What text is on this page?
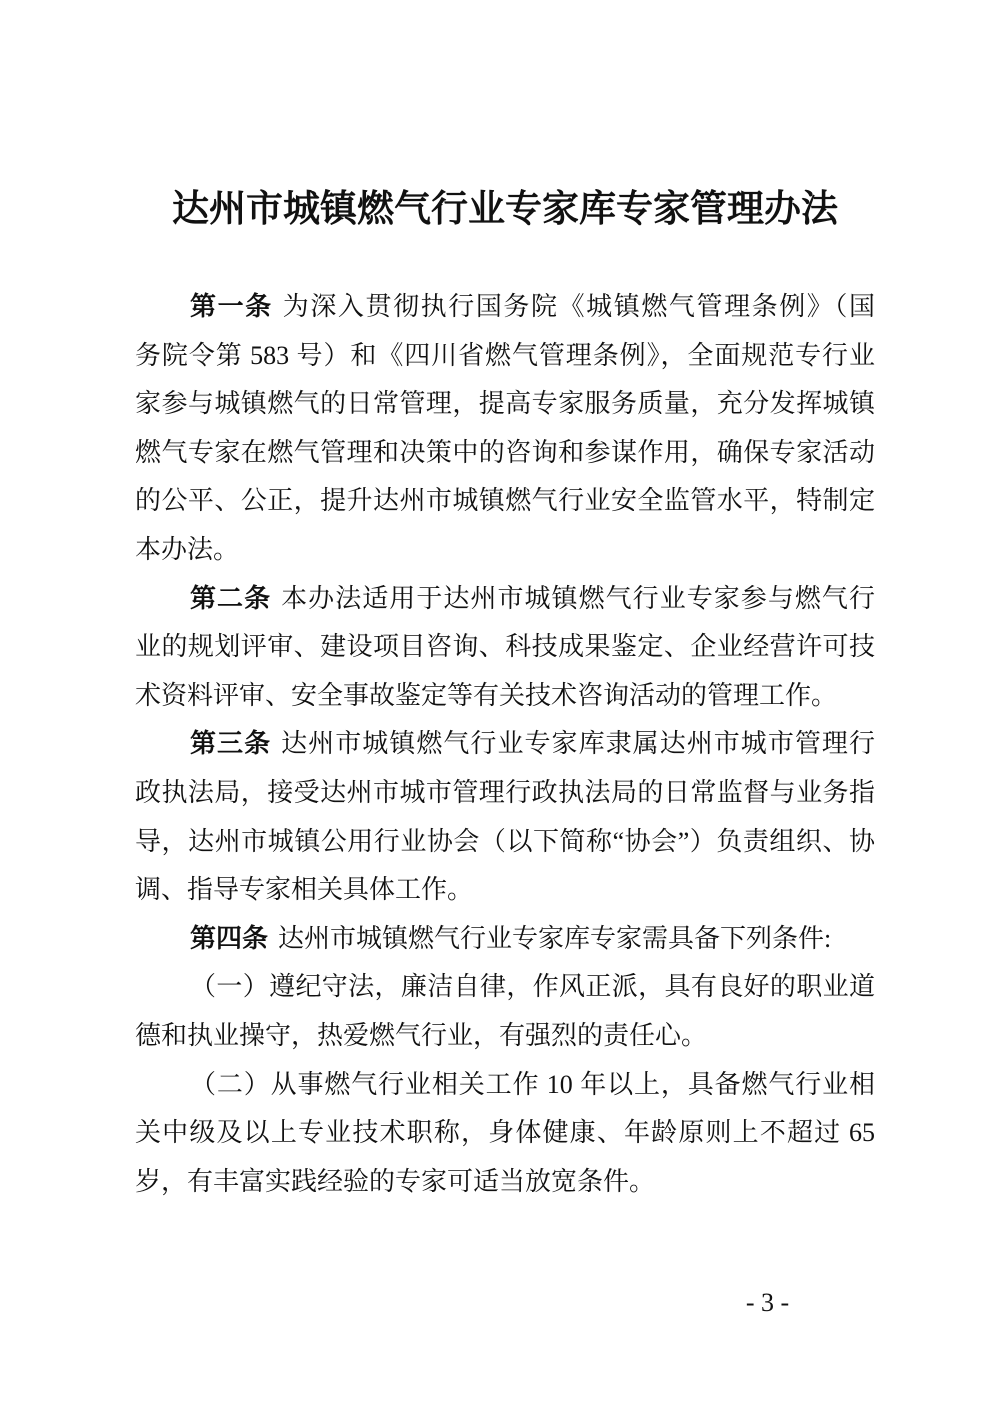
达州市城镇燃气行业专家库专家管理办法
第一条 为深入贯彻执行国务院《城镇燃气管理条例》（国
务院令第 583 号）和《四川省燃气管理条例》，全面规范专行业
家参与城镇燃气的日常管理，提高专家服务质量，充分发挥城镇
燃气专家在燃气管理和决策中的咨询和参谋作用，确保专家活动
的公平、公正，提升达州市城镇燃气行业安全监管水平，特制定
本办法。
第二条 本办法适用于达州市城镇燃气行业专家参与燃气行
业的规划评审、建设项目咨询、科技成果鉴定、企业经营许可技
术资料评审、安全事故鉴定等有关技术咨询活动的管理工作。
第三条 达州市城镇燃气行业专家库隶属达州市城市管理行
政执法局，接受达州市城市管理行政执法局的日常监督与业务指
导，达州市城镇公用行业协会（以下简称“协会”）负责组织、协
调、指导专家相关具体工作。
第四条 达州市城镇燃气行业专家库专家需具备下列条件:
（一）遵纪守法，廉洁自律，作风正派，具有良好的职业道
德和执业操守，热爱燃气行业，有强烈的责任心。
（二）从事燃气行业相关工作 10 年以上，具备燃气行业相
关中级及以上专业技术职称，身体健康、年龄原则上不超过 65
岁，有丰富实践经验的专家可适当放宽条件。
- 3 -
